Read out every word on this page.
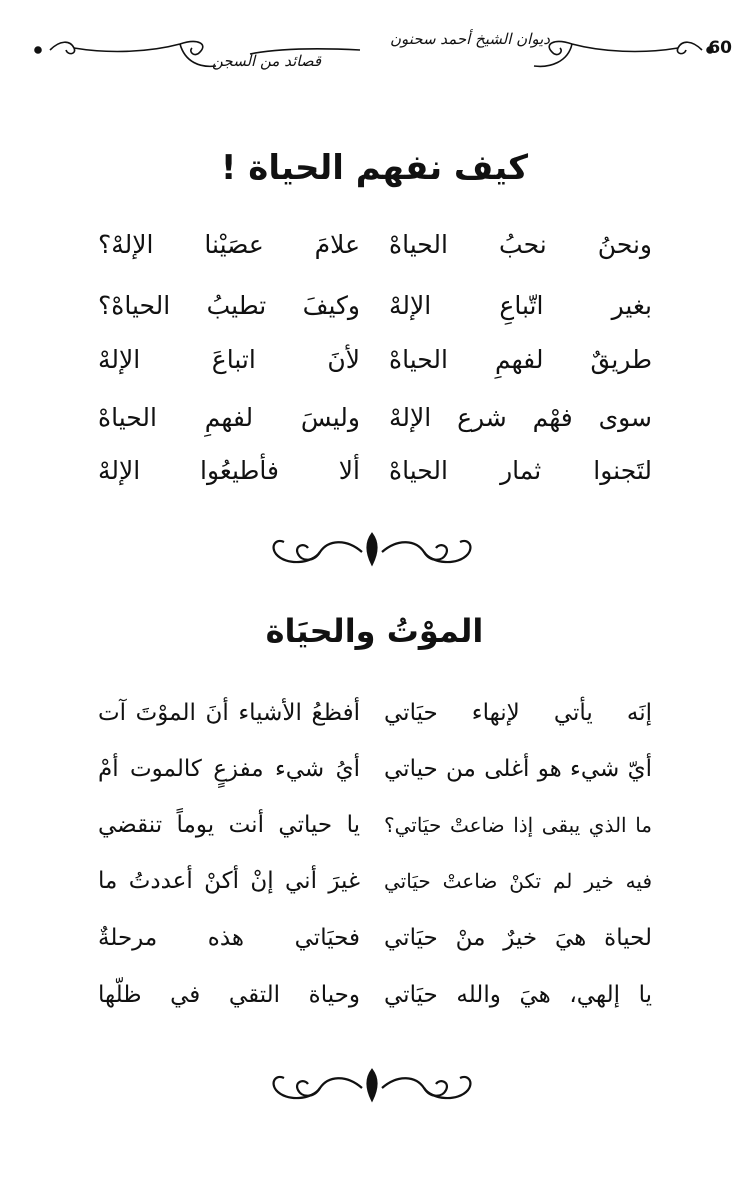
60
ديوان الشيخ أحمد سحنون
قصائد من السجن
كيف نفهم الحياة !
علامَ عصَيْنا الإلهْ؟ ونحنُ نحبُ الحياهْ
وكيفَ تطيبُ الحياهْ؟ بغير اتّباعِ الإلهْ
لأنَ اتباعَ الإلهْ طريقٌ لفهمِ الحياهْ
وليسَ لفهمِ الحياهْ سوى فهْم شرع الإلهْ
ألا فأطيعُوا الإلهْ لتَجنوا ثمار الحياهْ
الموْتُ والحيَاة
أفظعُ الأشياء أنَ الموْتَ آت إنَه يأتي لإنهاء حيَاتي
أيُ شيء مفزعٍ كالموت أمْ أيّ شيء هو أغلى من حياتي
يا حياتي أنت يوماً تنقضي ما الذي يبقى إذا ضاعتْ حيَاتي؟
غيرَ أني إنْ أكنْ أعددتُ ما فيه خير لم تكنْ ضاعتْ حيَاتي
فحيَاتي هذه مرحلةٌ لحياة هيَ خيرٌ منْ حيَاتي
وحياة التقي في ظلّها يا إلهي، هيَ والله حيَاتي
